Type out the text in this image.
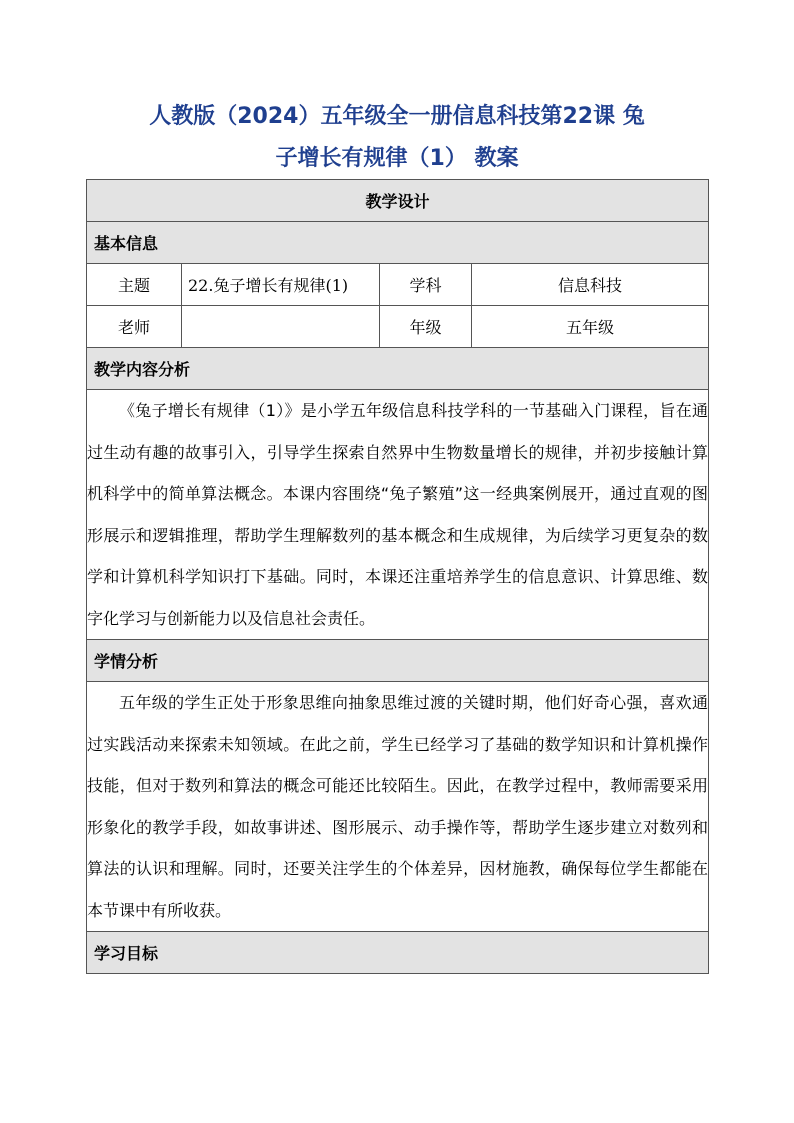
人教版（2024）五年级全一册信息科技第22课 兔
子增长有规律（1） 教案
教学设计			
基本信息			
主题	22.兔子增长有规律(1)	学科	信息科技
老师		年级	五年级
教学内容分析			
《兔子增长有规律（1）》是小学五年级信息科技学科的一节基础入门课程，旨在通过生动有趣的故事引入，引导学生探索自然界中生物数量增长的规律，并初步接触计算机科学中的简单算法概念。本课内容围绕“兔子繁殖”这一经典案例展开，通过直观的图形展示和逻辑推理，帮助学生理解数列的基本概念和生成规律，为后续学习更复杂的数学和计算机科学知识打下基础。同时，本课还注重培养学生的信息意识、计算思维、数字化学习与创新能力以及信息社会责任。			
学情分析			
五年级的学生正处于形象思维向抽象思维过渡的关键时期，他们好奇心强，喜欢通过实践活动来探索未知领域。在此之前，学生已经学习了基础的数学知识和计算机操作技能，但对于数列和算法的概念可能还比较陌生。因此，在教学过程中，教师需要采用形象化的教学手段，如故事讲述、图形展示、动手操作等，帮助学生逐步建立对数列和算法的认识和理解。同时，还要关注学生的个体差异，因材施教，确保每位学生都能在本节课中有所收获。			
学习目标			
